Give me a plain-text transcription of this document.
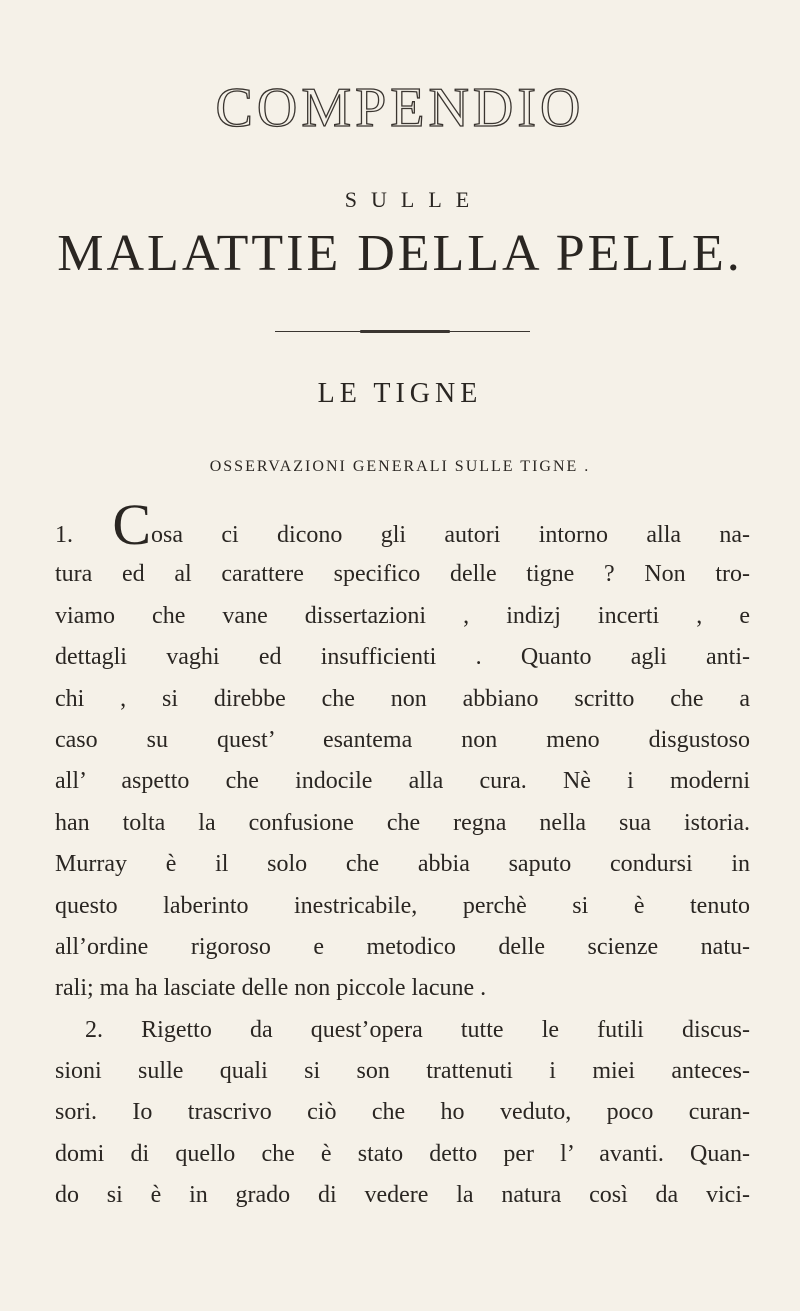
COMPENDIO
SULLE
MALATTIE DELLA PELLE.
LE TIGNE
OSSERVAZIONI GENERALI SULLE TIGNE .
1. Cosa ci dicono gli autori intorno alla na-
tura ed al carattere specifico delle tigne ? Non tro-
viamo che vane dissertazioni , indizj incerti , e
dettagli vaghi ed insufficienti . Quanto agli anti-
chi , si direbbe che non abbiano scritto che a
caso su quest’ esantema non meno disgustoso
all’ aspetto che indocile alla cura. Nè i moderni
han tolta la confusione che regna nella sua istoria.
Murray è il solo che abbia saputo condursi in
questo laberinto inestricabile, perchè si è tenuto
all’ordine rigoroso e metodico delle scienze natu-
rali; ma ha lasciate delle non piccole lacune .
2. Rigetto da quest’opera tutte le futili discus-
sioni sulle quali si son trattenuti i miei anteces-
sori. Io trascrivo ciò che ho veduto, poco curan-
domi di quello che è stato detto per l’ avanti. Quan-
do si è in grado di vedere la natura così da vici-
